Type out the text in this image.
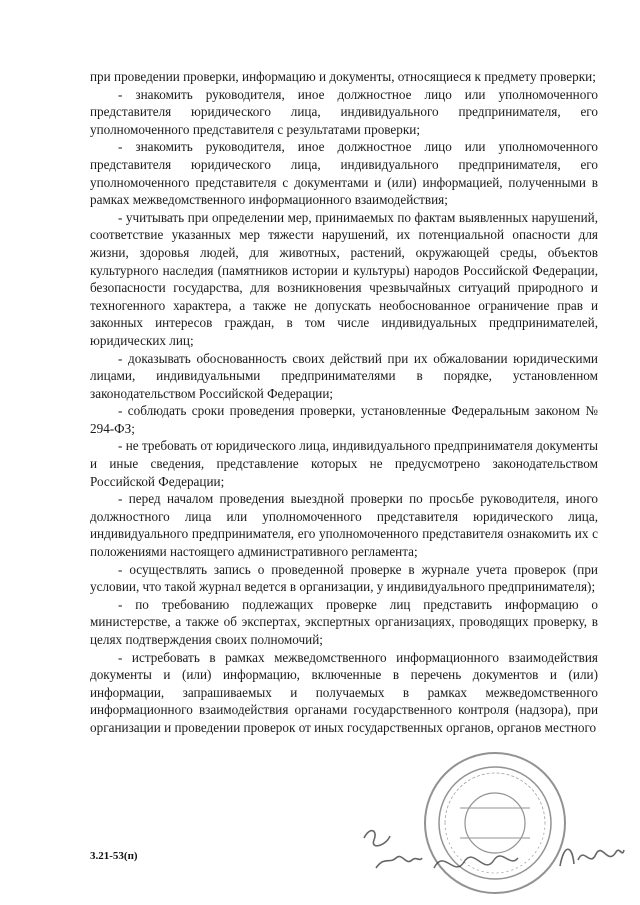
при проведении проверки, информацию и документы, относящиеся к предмету проверки;

- знакомить руководителя, иное должностное лицо или уполномоченного представителя юридического лица, индивидуального предпринимателя, его уполномоченного представителя с результатами проверки;

- знакомить руководителя, иное должностное лицо или уполномоченного представителя юридического лица, индивидуального предпринимателя, его уполномоченного представителя с документами и (или) информацией, полученными в рамках межведомственного информационного взаимодействия;

- учитывать при определении мер, принимаемых по фактам выявленных нарушений, соответствие указанных мер тяжести нарушений, их потенциальной опасности для жизни, здоровья людей, для животных, растений, окружающей среды, объектов культурного наследия (памятников истории и культуры) народов Российской Федерации, безопасности государства, для возникновения чрезвычайных ситуаций природного и техногенного характера, а также не допускать необоснованное ограничение прав и законных интересов граждан, в том числе индивидуальных предпринимателей, юридических лиц;

- доказывать обоснованность своих действий при их обжаловании юридическими лицами, индивидуальными предпринимателями в порядке, установленном законодательством Российской Федерации;

- соблюдать сроки проведения проверки, установленные Федеральным законом № 294-ФЗ;

- не требовать от юридического лица, индивидуального предпринимателя документы и иные сведения, представление которых не предусмотрено законодательством Российской Федерации;

- перед началом проведения выездной проверки по просьбе руководителя, иного должностного лица или уполномоченного представителя юридического лица, индивидуального предпринимателя, его уполномоченного представителя ознакомить их с положениями настоящего административного регламента;

- осуществлять запись о проведенной проверке в журнале учета проверок (при условии, что такой журнал ведется в организации, у индивидуального предпринимателя);

- по требованию подлежащих проверке лиц представить информацию о министерстве, а также об экспертах, экспертных организациях, проводящих проверку, в целях подтверждения своих полномочий;

- истребовать в рамках межведомственного информационного взаимодействия документы и (или) информацию, включенные в перечень документов и (или) информации, запрашиваемых и получаемых в рамках межведомственного информационного взаимодействия органами государственного контроля (надзора), при организации и проведении проверок от иных государственных органов, органов местного

3.21-53(п)
